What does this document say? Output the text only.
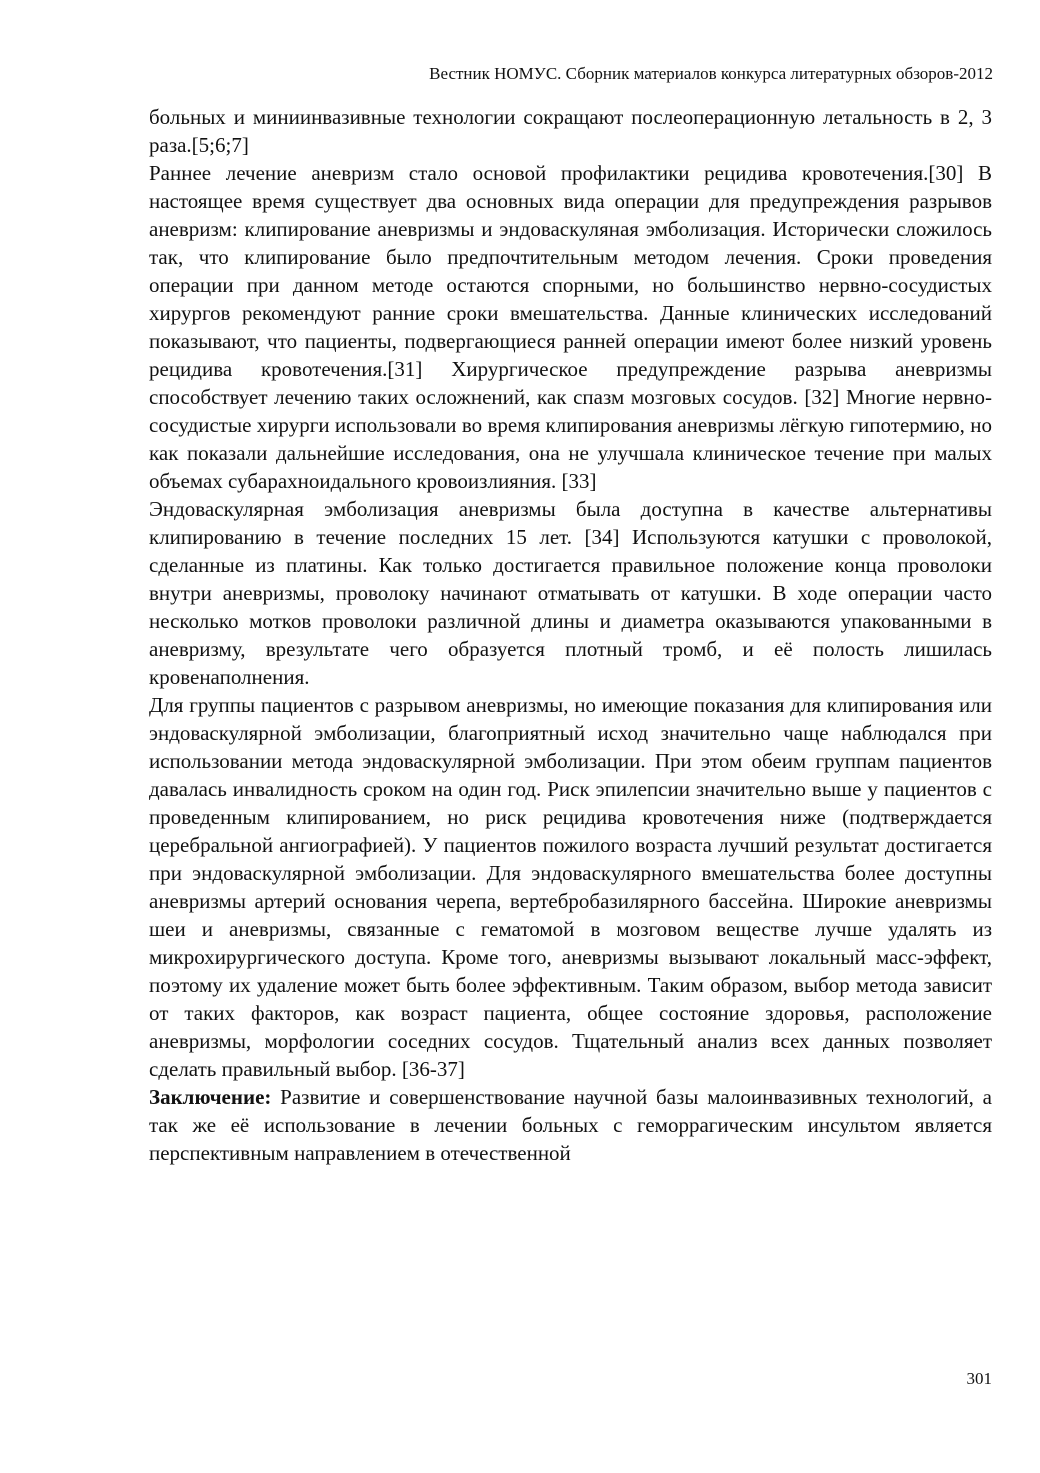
Вестник НОМУС. Сборник материалов конкурса литературных обзоров-2012

больных и миниинвазивные технологии сокращают послеоперационную летальность в 2, 3 раза.[5;6;7]

Раннее лечение аневризм стало основой профилактики рецидива кровотечения.[30] В настоящее время существует два основных вида опeрации для предупреждения разрывов аневризм: клипирование аневризмы и эндоваскуляная эмболизация. Исторически сложилось так, что клипирование было предпочтительным методом лечения. Сроки проведения операции при данном методе остаются спорными, но большинство нервно-сосудистых хирургов рекомендуют ранние сроки вмешательства. Данные клинических исследований показывают, что пациенты, подвергающиеся ранней операции имеют более низкий уровень рецидива кровотечения.[31] Хирургическое предупреждение разрыва аневризмы способствует лечению таких осложнений, как спазм мозговых сосудов. [32] Многие нервно-сосудистые хирурги использовали во время клипирования аневризмы лёгкую гипотермию, но как показали дальнейшие исследования, она не улучшала клиническое течение при малых объемах субарахноидального кровоизлияния. [33]

Эндоваскулярная эмболизация аневризмы была доступна в качестве альтернативы клипированию в течение последних 15 лет. [34] Используются катушки с проволокой, сделанные из платины. Как только достигается правильное положение конца проволоки внутри аневризмы, проволоку начинают отматывать от катушки. В ходе операции часто несколько мотков проволоки различной длины и диаметра оказываются упакованными в аневризму, врезультате чего образуется плотный тромб, и её полость лишилась кровенаполнения.

Для группы пациентов с разрывом аневризмы, но имеющие показания для клипирования или эндоваскулярной эмболизации, благоприятный исход значительно чаще наблюдался при использовании метода эндоваскулярной эмболизации. При этом обеим группам пациентов давалась инвалидность сроком на один год. Риск эпилепсии значительно выше у пациентов с проведенным клипированием, но риск рецидива кровотечения ниже (подтверждается церебральной ангиографией). У пациентов пожилого возраста лучший результат достигается при эндоваскулярной эмболизации. Для эндоваскулярного вмешательства более доступны аневризмы артерий основания черепа, вертебробазилярного бассейна. Широкие аневризмы шеи и аневризмы, связанные с гематомой в мозговом веществе лучше удалять из микрохирургического доступа. Кроме того, аневризмы вызывают локальный масс-эффект, поэтому их удаление может быть более эффективным. Таким образом, выбор метода зависит от таких факторов, как возраст пациента, общее состояние здоровья, расположение аневризмы, морфологии соседних сосудов. Тщательный анализ всех данных позволяет сделать правильный выбор. [36-37]

Заключение: Развитие и совершенствование научной базы малоинвазивных технологий, а так же её использование в лечении больных с геморрагическим инсультом является перспективным направлением в отечественной

301
